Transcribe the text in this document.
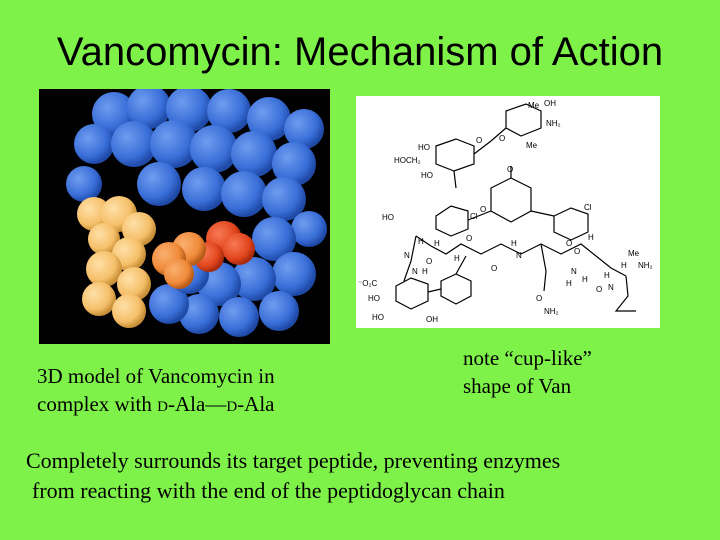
Vancomycin: Mechanism of Action
OH
Me
NH₂
Me
HOCH₂
HO
HO
O O
O
Cl
O	Cl
HO
H	O
H	H	O
O
H
N	N
H
O
Me
H NH₂
⁻O₂C
N H
O
N
H
H
N
O
H
HO	O
NH₂
HO	OH
3D model of Vancomycin in
complex with d-Ala—d-Ala
note “cup-like”
shape of Van
Completely surrounds its target peptide, preventing enzymes
from reacting with the end of the peptidoglycan chain
